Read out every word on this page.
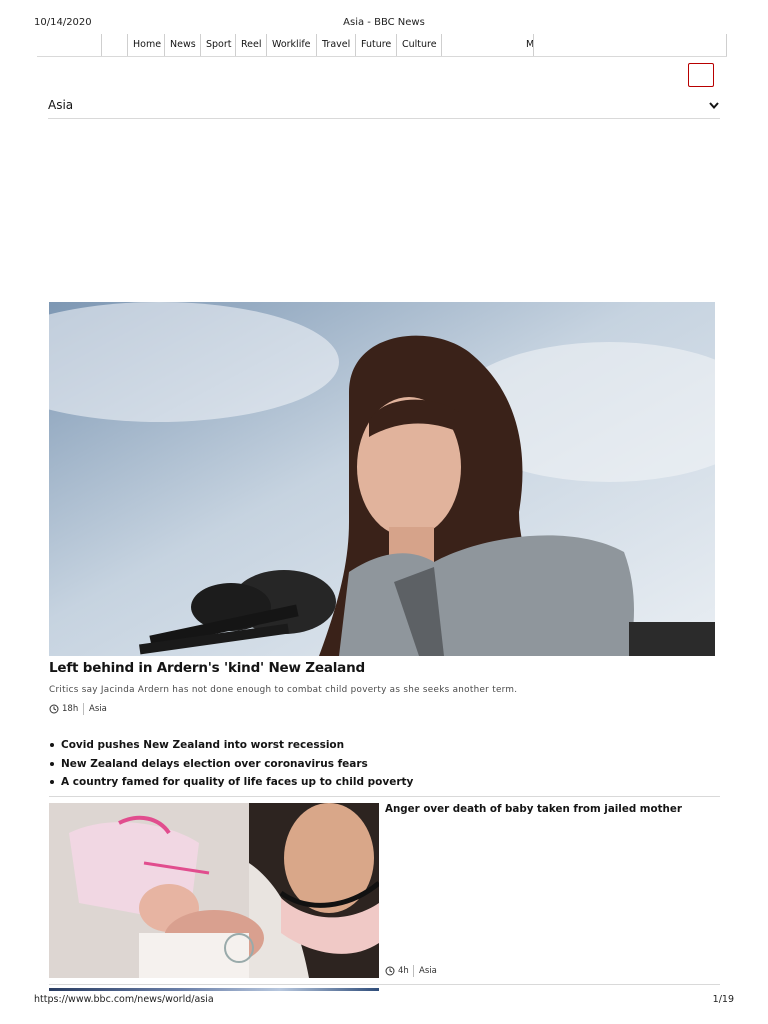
10/14/2020	Asia - BBC News
Home News	Sport Reel	Worklife	Travel	Future	Culture	M
Asia
Left behind in Ardern's 'kind' New Zealand
Critics say Jacinda Ardern has not done enough to combat child poverty as she seeks another term.
18h	Asia
Covid pushes New Zealand into worst recession
New Zealand delays election over coronavirus fears
A country famed for quality of life faces up to child poverty
Anger over death of baby taken from jailed mother
4h	Asia
https://www.bbc.com/news/world/asia	1/19
